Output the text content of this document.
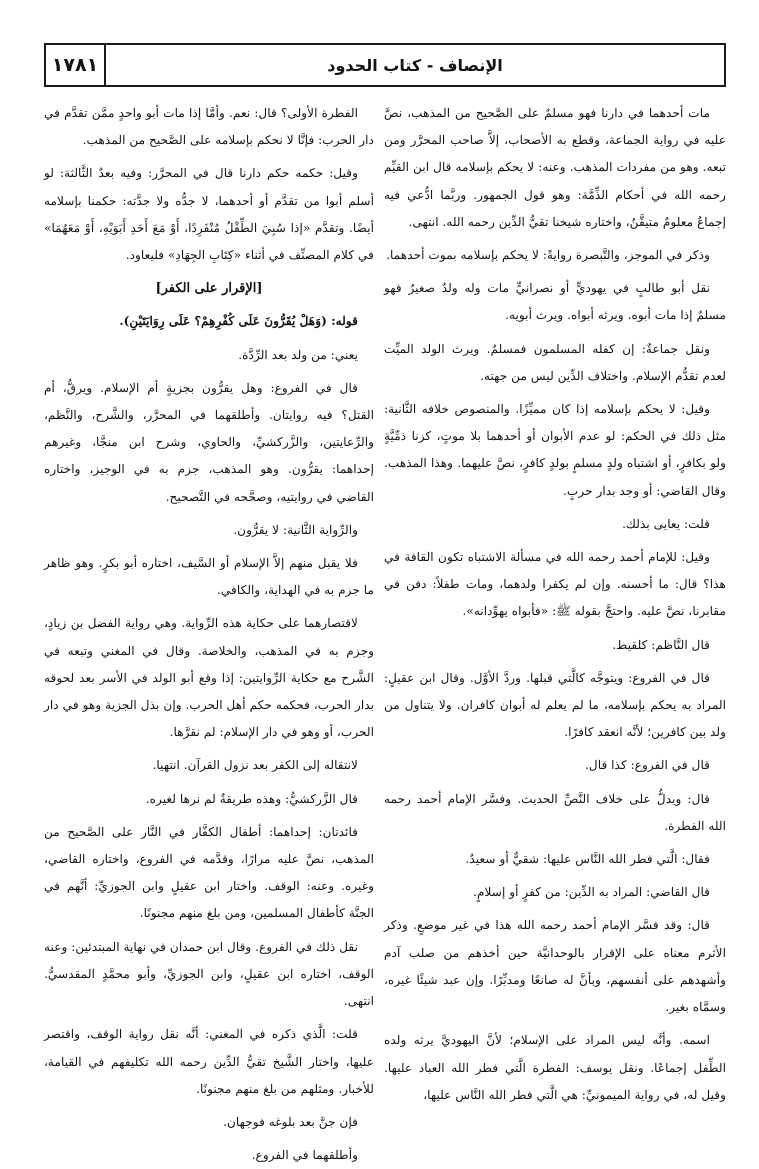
١٧٨١	الإنصاف - كتاب الحدود

مات أحدهما في دارنا فهو مسلمٌ على الصَّحيح من المذهب، نصَّ عليه في رواية الجماعة، وقطع به الأصحاب، إلاَّ صاحب المحرَّر ومن تبعه. وهو من مفردات المذهب. وعنه: لا يحكم بإسلامه قال ابن القيِّم رحمه الله في أحكام الذِّمَّة: وهو قول الجمهور. وربَّما ادُّعي فيه إجماعٌ معلومٌ متيقَّنٌ، واختاره شيخنا تقيُّ الدِّين رحمه الله. انتهى.

وذكر في الموجز، والتَّبصرة روايةً: لا يحكم بإسلامه بموت أحدهما.

نقل أبو طالبٍ في يهوديٍّ أو نصرانيٍّ مات وله ولدٌ صغيرٌ فهو مسلمٌ إذا مات أبوه. ويرثه أبواه. ويرث أبويه.

ونقل جماعةٌ: إن كفله المسلمون فمسلمٌ. ويرث الولد الميِّت لعدم تقدُّم الإسلام. واختلاف الدِّين ليس من جهته.

وقيل: لا يحكم بإسلامه إذا كان مميِّزًا. والمنصوص خلافه الثَّانية: مثل ذلك في الحكم: لو عدم الأبوان أو أحدهما بلا موتٍ، كزنا ذمِّيَّةٍ ولو بكافرٍ، أو اشتباه ولدٍ مسلمٍ بولدٍ كافرٍ، نصَّ عليهما. وهذا المذهب. وقال القاضي: أو وجد بدار حربٍ.

قلت: يعايى بذلك.

وقيل: للإمام أحمد رحمه الله في مسألة الاشتباه تكون القافة في هذا؟ قال: ما أحسنه. وإن لم يكفرا ولدهما، ومات طفلاً: دفن في مقابرنا، نصَّ عليه. واحتجَّ بقوله ﷺ: «فأبواه يهوِّدانه».

قال النَّاظم: كلقيط.

قال في الفروع: ويتوجَّه كالَّتي قبلها. وردَّ الأوَّل. وقال ابن عقيلٍ: المراد به يحكم بإسلامه، ما لم يعلم له أبوان كافران. ولا يتناول من ولد بين كافرين؛ لأنَّه انعقد كافرًا.

قال في الفروع: كذا قال.

قال: ويدلُّ على خلاف النَّصِّ الحديث. وفسَّر الإمام أحمد رحمه الله الفطرة.

فقال: الَّتي فطر الله النَّاس عليها: شقيٌّ أو سعيدٌ.

قال القاضي: المراد به الدِّين: من كفرٍ أو إسلامٍ.

قال: وقد فسَّر الإمام أحمد رحمه الله هذا في غير موضعٍ. وذكر الأثرم معناه على الإقرار بالوحدانيَّة حين أخذهم من صلب آدم وأشهدهم على أنفسهم، وبأنَّ له صانعًا ومدبِّرًا. وإن عبد شيئًا غيره، وسمَّاه بغير.

اسمه. وأنَّه ليس المراد على الإسلام؛ لأنَّ اليهوديَّ يرثه ولده الطِّفل إجماعًا. ونقل يوسف: الفطرة الَّتي فطر الله العباد عليها. وقيل له، في رواية الميمونيِّ: هي الَّتي فطر الله النَّاس عليها،

الفطرة الأولى؟ قال: نعم. وأمَّا إذا مات أبو واحدٍ ممَّن تقدَّم في دار الحرب: فإنَّا لا نحكم بإسلامه على الصَّحيح من المذهب.

وقيل: حكمه حكم دارنا قال في المحرَّر: وفيه بعدٌ الثَّالثة: لو أسلم أبوا من تقدَّم أو أحدهما، لا جدُّه ولا جدَّته: حكمنا بإسلامه أيضًا. وتقدَّم «إذا سُبِيَ الطِّفْلُ مُنْفَرِدًا، أَوْ مَعَ أَحَدِ أَبَوَيْهِ، أَوْ مَعَهُمَا» في كلام المصنِّف في أثناء «كِتَابِ الجِهَادِ» فليعاود.

[الإقرار على الكفر]

قوله: (وَهَلْ يُقَرُّونَ عَلَى كُفْرِهِمْ؟ عَلَى رِوَايَتَيْنِ).

يعني: من ولد بعد الرِّدَّة.

قال في الفروع: وهل يقرُّون بجزيةٍ أم الإسلام. ويرقُّ، أم القتل؟ فيه روايتان. وأطلقهما في المحرَّر، والشَّرح، والنَّظم، والرِّعايتين، والزَّركشيِّ، والحاوي، وشرح ابن منجَّا، وغيرهم إحداهما: يقرُّون. وهو المذهب، جزم به في الوجيز، واختاره القاضي في روايتيه، وصحَّحه في التَّصحيح.

والرِّواية الثَّانية: لا يقرُّون.

فلا يقبل منهم إلاَّ الإسلام أو السَّيف، اختاره أبو بكرٍ. وهو ظاهر ما جزم به في الهداية، والكافي.

لاقتصارهما على حكاية هذه الرِّواية. وهي رواية الفضل بن زيادٍ، وجزم به في المذهب، والخلاصة. وقال في المغني وتبعه في الشَّرح مع حكاية الرِّوايتين: إذا وقع أبو الولد في الأسر بعد لحوقه بدار الحرب، فحكمه حكم أهل الحرب. وإن بذل الجزية وهو في دار الحرب، أو وهو في دار الإسلام: لم نقرَّها.

لانتقاله إلى الكفر بعد نزول القرآن. انتهيا.

قال الزَّركشيُّ: وهذه طريقةٌ لم نرها لغيره.

فائدتان: إحداهما: أطفال الكفَّار في النَّار على الصَّحيح من المذهب، نصَّ عليه مرارًا، وقدَّمه في الفروع، واختاره القاضي، وغيره. وعنه: الوقف. واختار ابن عقيلٍ وابن الجوزيِّ: أنَّهم في الجنَّة كأطفال المسلمين، ومن بلغ منهم مجنونًا.

نقل ذلك في الفروع. وقال ابن حمدان في نهاية المبتدئين: وعنه الوقف، اختاره ابن عقيلٍ، وابن الجوزيِّ، وأبو محمَّدٍ المقدسيُّ. انتهى.

قلت: الَّذي ذكره في المغني: أنَّه نقل رواية الوقف، واقتصر عليها، واختار الشَّيخ تقيُّ الدِّين رحمه الله تكليفهم في القيامة، للأخبار. ومثلهم من بلغ منهم مجنونًا.

فإن جنَّ بعد بلوغه فوجهان.

وأطلقهما في الفروع.
